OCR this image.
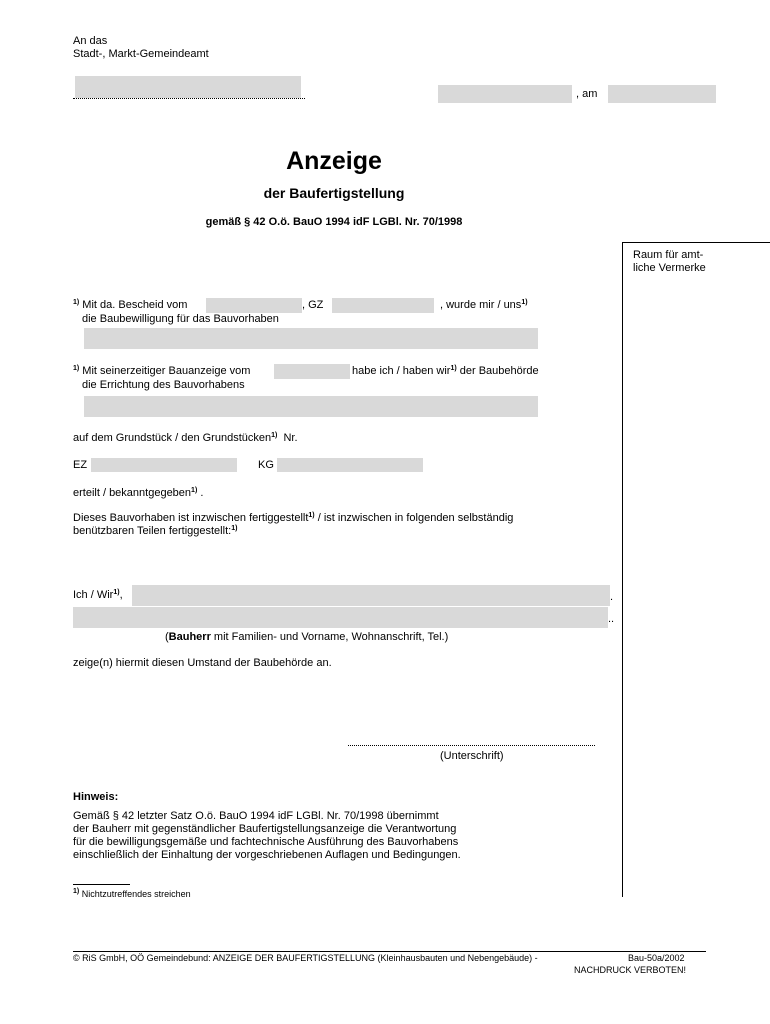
An das
Stadt-, Markt-Gemeindeamt
, am
Anzeige
der Baufertigstellung
gemäß § 42 O.ö. BauO 1994 idF LGBl. Nr. 70/1998
Raum für amt-
liche Vermerke
$^{1)}$ Mit da. Bescheid vom	, GZ	, wurde mir / uns$^{1)}$
die Baubewilligung für das Bauvorhaben
$^{1)}$ Mit seinerzeitiger Bauanzeige vom	habe ich / haben wir$^{1)}$ der Baubehörde
die Errichtung des Bauvorhabens
auf dem Grundstück / den Grundstücken$^{1)}$ Nr.
EZ	KG
erteilt / bekanntgegeben$^{1)}$ .
Dieses Bauvorhaben ist inzwischen fertiggestellt$^{1)}$ / ist inzwischen in folgenden selbständig
benützbaren Teilen fertiggestellt:$^{1)}$
Ich / Wir$^{1)}$,	.
..
(Bauherr mit Familien- und Vorname, Wohnanschrift, Tel.)
zeige(n) hiermit diesen Umstand der Baubehörde an.
(Unterschrift)
Hinweis:
Gemäß § 42 letzter Satz O.ö. BauO 1994 idF LGBl. Nr. 70/1998 übernimmt
der Bauherr mit gegenständlicher Baufertigstellungsanzeige die Verantwortung
für die bewilligungsgemäße und fachtechnische Ausführung des Bauvorhabens
einschließlich der Einhaltung der vorgeschriebenen Auflagen und Bedingungen.
$^{1)}$ Nichtzutreffendes streichen
© RiS GmbH, OÖ Gemeindebund: ANZEIGE DER BAUFERTIGSTELLUNG (Kleinhausbauten und Nebengebäude) -	Bau-50a/2002
NACHDRUCK VERBOTEN!
